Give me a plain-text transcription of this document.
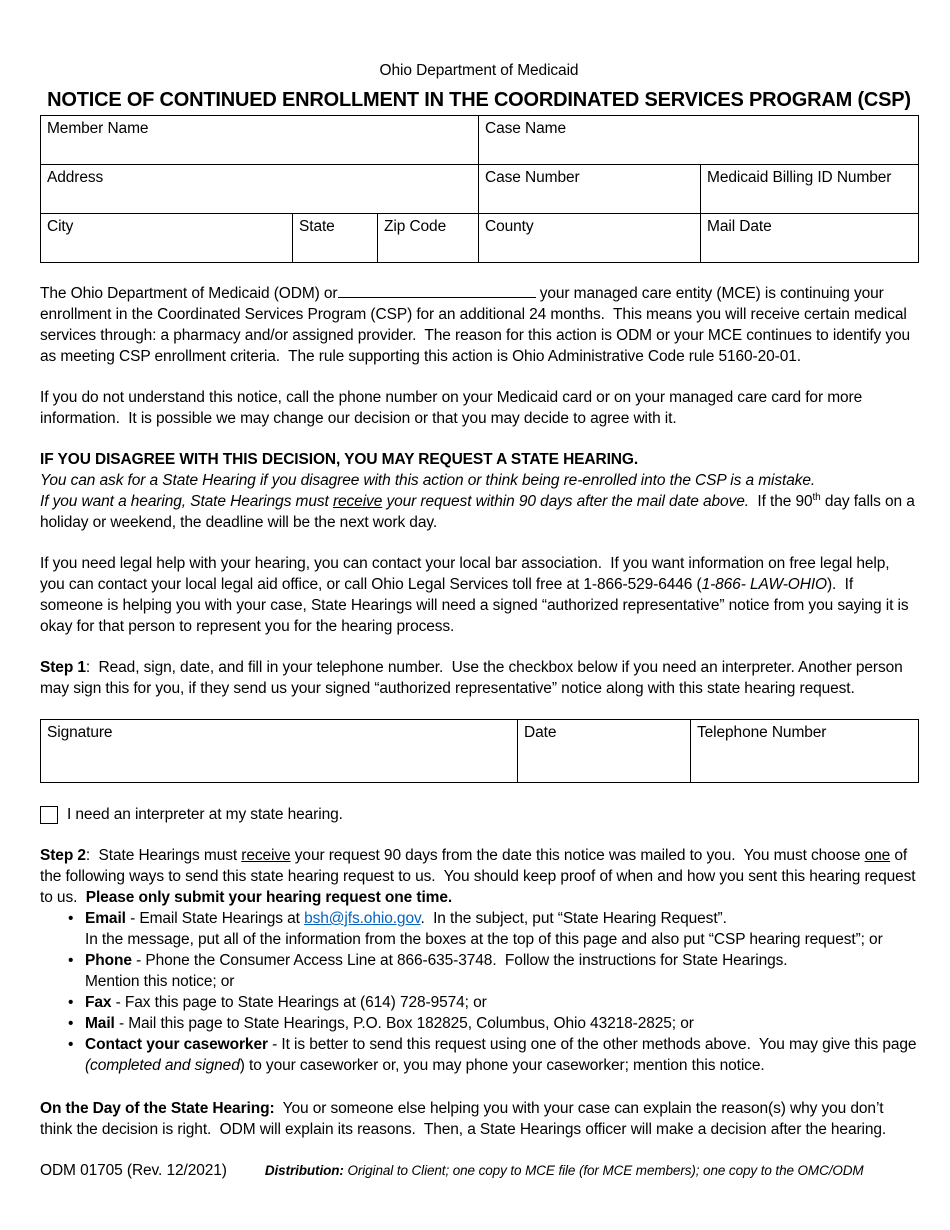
Ohio Department of Medicaid
NOTICE OF CONTINUED ENROLLMENT IN THE COORDINATED SERVICES PROGRAM (CSP)
Member Name			Case Name	
Address			Case Number	Medicaid Billing ID Number
City	State	Zip Code	County	Mail Date

The Ohio Department of Medicaid (ODM) or	your managed care entity (MCE) is continuing your enrollment in the Coordinated Services Program (CSP) for an additional 24 months.  This means you will receive certain medical services through: a pharmacy and/or assigned provider.  The reason for this action is ODM or your MCE continues to identify you as meeting CSP enrollment criteria.  The rule supporting this action is Ohio Administrative Code rule 5160-20-01.

If you do not understand this notice, call the phone number on your Medicaid card or on your managed care card for more information.  It is possible we may change our decision or that you may decide to agree with it.

IF YOU DISAGREE WITH THIS DECISION, YOU MAY REQUEST A STATE HEARING.
You can ask for a State Hearing if you disagree with this action or think being re-enrolled into the CSP is a mistake.
If you want a hearing, State Hearings must receive your request within 90 days after the mail date above.  If the 90th day falls on a holiday or weekend, the deadline will be the next work day.

If you need legal help with your hearing, you can contact your local bar association.  If you want information on free legal help, you can contact your local legal aid office, or call Ohio Legal Services toll free at 1-866-529-6446 (1-866- LAW-OHIO).  If someone is helping you with your case, State Hearings will need a signed “authorized representative” notice from you saying it is okay for that person to represent you for the hearing process.

Step 1:  Read, sign, date, and fill in your telephone number.  Use the checkbox below if you need an interpreter. Another person may sign this for you, if they send us your signed “authorized representative” notice along with this state hearing request.

Signature	Date	Telephone Number
I need an interpreter at my state hearing.

Step 2:  State Hearings must receive your request 90 days from the date this notice was mailed to you.  You must choose one of the following ways to send this state hearing request to us.  You should keep proof of when and how you sent this hearing request to us.  Please only submit your hearing request one time.

• Email - Email State Hearings at bsh@jfs.ohio.gov.  In the subject, put “State Hearing Request”.
In the message, put all of the information from the boxes at the top of this page and also put “CSP hearing request”; or
• Phone - Phone the Consumer Access Line at 866-635-3748.  Follow the instructions for State Hearings.
Mention this notice; or
• Fax - Fax this page to State Hearings at (614) 728-9574; or
• Mail - Mail this page to State Hearings, P.O. Box 182825, Columbus, Ohio 43218-2825; or
• Contact your caseworker - It is better to send this request using one of the other methods above.  You may give this page (completed and signed) to your caseworker or, you may phone your caseworker; mention this notice.

On the Day of the State Hearing:  You or someone else helping you with your case can explain the reason(s) why you don’t think the decision is right.  ODM will explain its reasons.  Then, a State Hearings officer will make a decision after the hearing.

ODM 01705 (Rev. 12/2021)	Distribution: Original to Client; one copy to MCE file (for MCE members); one copy to the OMC/ODM
